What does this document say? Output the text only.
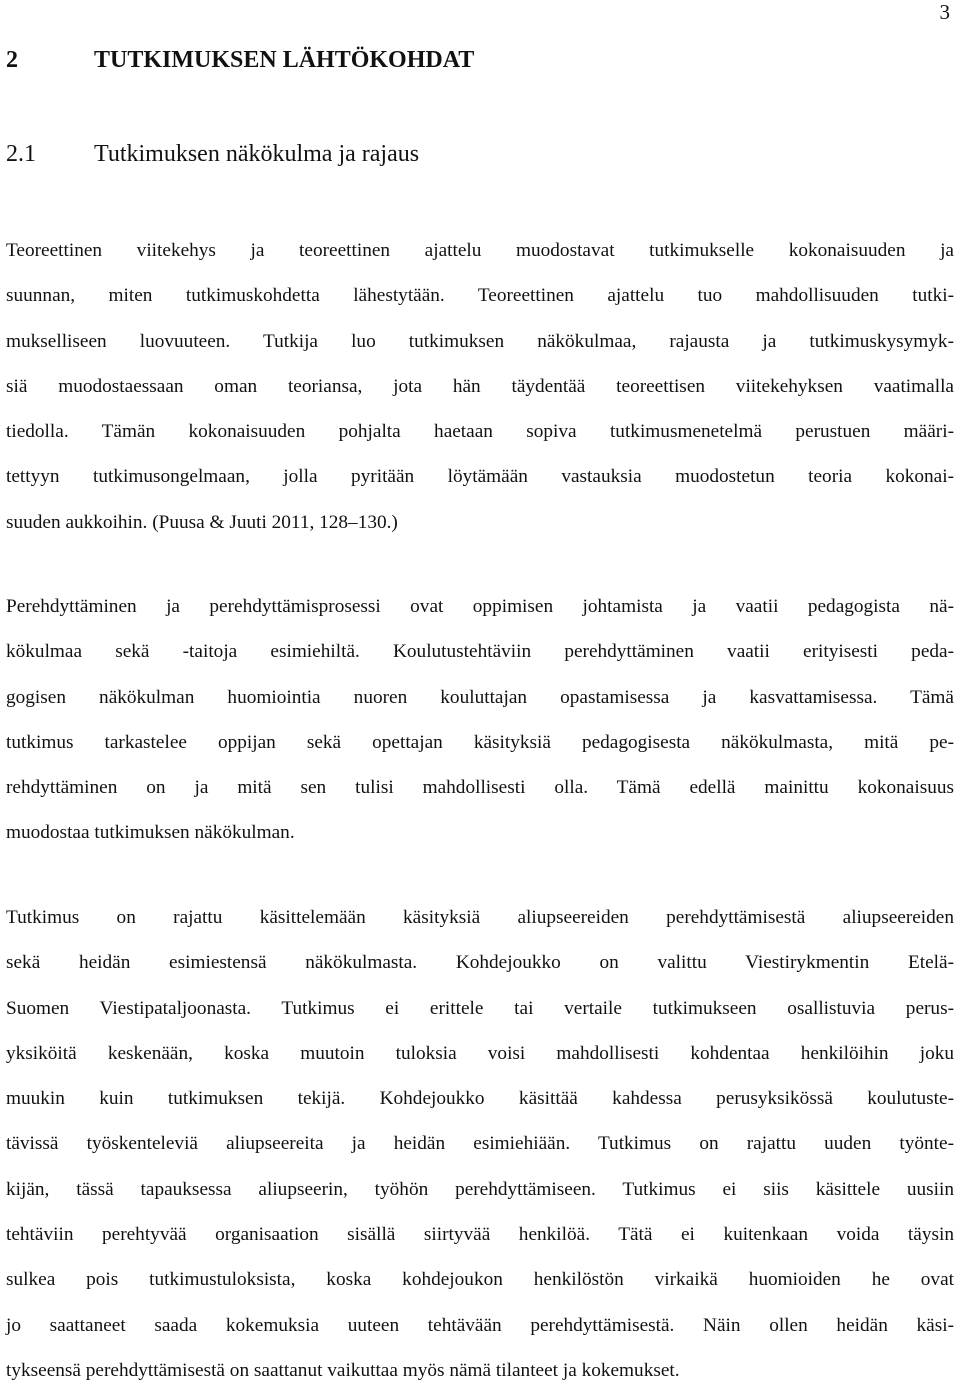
3
2	TUTKIMUKSEN LÄHTÖKOHDAT
2.1 Tutkimuksen näkökulma ja rajaus
Teoreettinen viitekehys ja teoreettinen ajattelu muodostavat tutkimukselle kokonaisuuden ja
suunnan, miten tutkimuskohdetta lähestytään. Teoreettinen ajattelu tuo mahdollisuuden tutki-
mukselliseen luovuuteen. Tutkija luo tutkimuksen näkökulmaa, rajausta ja tutkimuskysymyk-
siä muodostaessaan oman teoriansa, jota hän täydentää teoreettisen viitekehyksen vaatimalla
tiedolla. Tämän kokonaisuuden pohjalta haetaan sopiva tutkimusmenetelmä perustuen määri-
tettyyn tutkimusongelmaan, jolla pyritään löytämään vastauksia muodostetun teoria kokonai-
suuden aukkoihin. (Puusa & Juuti 2011, 128–130.)
Perehdyttäminen ja perehdyttämisprosessi ovat oppimisen johtamista ja vaatii pedagogista nä-
kökulmaa sekä -taitoja esimiehiltä. Koulutustehtäviin perehdyttäminen vaatii erityisesti peda-
gogisen näkökulman huomiointia nuoren kouluttajan opastamisessa ja kasvattamisessa. Tämä
tutkimus tarkastelee oppijan sekä opettajan käsityksiä pedagogisesta näkökulmasta, mitä pe-
rehdyttäminen on ja mitä sen tulisi mahdollisesti olla. Tämä edellä mainittu kokonaisuus
muodostaa tutkimuksen näkökulman.
Tutkimus on rajattu käsittelemään käsityksiä aliupseereiden perehdyttämisestä aliupseereiden
sekä heidän esimiestensä näkökulmasta. Kohdejoukko on valittu Viestirykmentin Etelä-
Suomen Viestipataljoonasta. Tutkimus ei erittele tai vertaile tutkimukseen osallistuvia perus-
yksiköitä keskenään, koska muutoin tuloksia voisi mahdollisesti kohdentaa henkilöihin joku
muukin kuin tutkimuksen tekijä. Kohdejoukko käsittää kahdessa perusyksikössä koulutuste-
tävissä työskenteleviä aliupseereita ja heidän esimiehiään. Tutkimus on rajattu uuden työnte-
kijän, tässä tapauksessa aliupseerin, työhön perehdyttämiseen. Tutkimus ei siis käsittele uusiin
tehtäviin perehtyvää organisaation sisällä siirtyvää henkilöä. Tätä ei kuitenkaan voida täysin
sulkea pois tutkimustuloksista, koska kohdejoukon henkilöstön virkaikä huomioiden he ovat
jo saattaneet saada kokemuksia uuteen tehtävään perehdyttämisestä. Näin ollen heidän käsi-
tykseensä perehdyttämisestä on saattanut vaikuttaa myös nämä tilanteet ja kokemukset.
